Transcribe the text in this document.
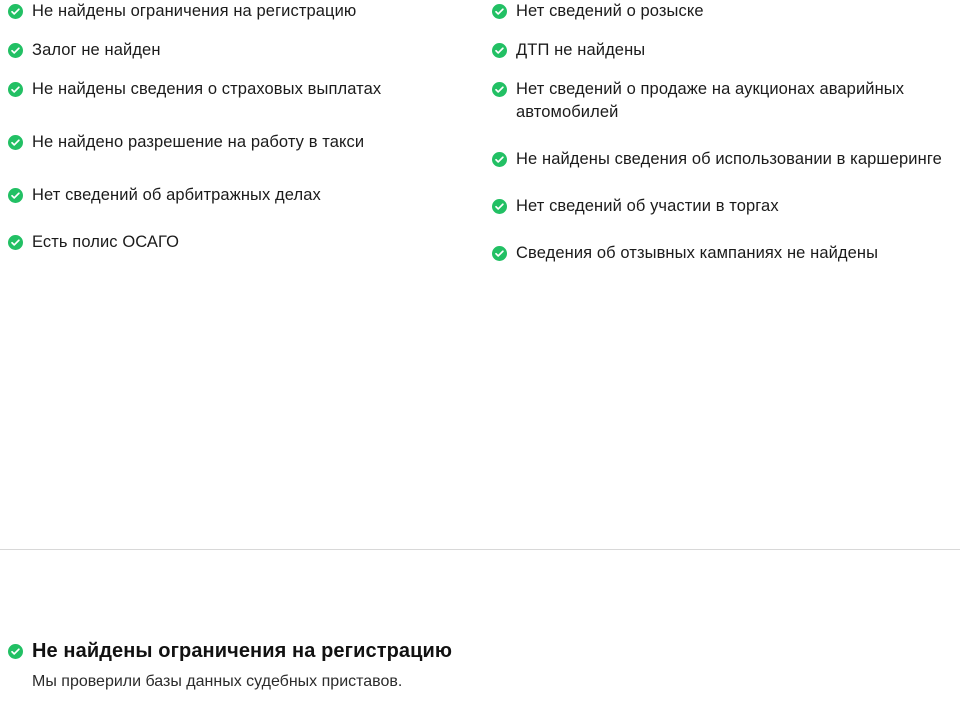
Не найдены ограничения на регистрацию
Залог не найден
Не найдены сведения о страховых выплатах
Не найдено разрешение на работу в такси
Нет сведений об арбитражных делах
Есть полис ОСАГО
Нет сведений о розыске
ДТП не найдены
Нет сведений о продаже на аукционах аварийных автомобилей
Не найдены сведения об использовании в каршеринге
Нет сведений об участии в торгах
Сведения об отзывных кампаниях не найдены
Не найдены ограничения на регистрацию
Мы проверили базы данных судебных приставов.
